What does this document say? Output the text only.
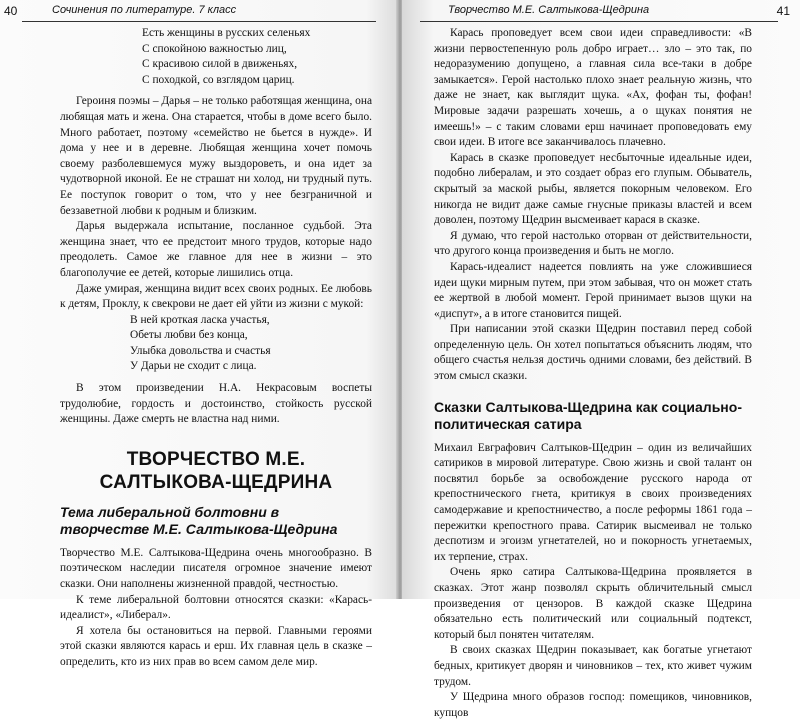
40	Сочинения по литературе. 7 класс
Есть женщины в русских селеньях
С спокойною важностью лиц,
С красивою силой в движеньях,
С походкой, со взглядом цариц.

Героиня поэмы – Дарья – не только работящая женщина, она любящая мать и жена. Она старается, чтобы в доме всего было. Много работает, поэтому «семейство не бьется в нужде». И дома у нее и в деревне. Любящая женщина хочет помочь своему разболевшемуся мужу выздороветь, и она идет за чудотворной иконой. Ее не страшат ни холод, ни трудный путь. Ее поступок говорит о том, что у нее безграничной и беззаветной любви к родным и близким.

Дарья выдержала испытание, посланное судьбой. Эта женщина знает, что ее предстоит много трудов, которые надо преодолеть. Самое же главное для нее в жизни – это благополучие ее детей, которые лишились отца.

Даже умирая, женщина видит всех своих родных. Ее любовь к детям, Проклу, к свекрови не дает ей уйти из жизни с мукой:

В ней кроткая ласка участья,
Обеты любви без конца,
Улыбка довольства и счастья
У Дарьи не сходит с лица.

В этом произведении Н.А. Некрасовым воспеты трудолюбие, гордость и достоинство, стойкость русской женщины. Даже смерть не властна над ними.

ТВОРЧЕСТВО М.Е. САЛТЫКОВА-ЩЕДРИНА
Тема либеральной болтовни в творчестве М.Е. Салтыкова-Щедрина

Творчество М.Е. Салтыкова-Щедрина очень многообразно. В поэтическом наследии писателя огромное значение имеют сказки. Они наполнены жизненной правдой, честностью.

К теме либеральной болтовни относятся сказки: «Карась-идеалист», «Либерал».

Я хотела бы остановиться на первой. Главными героями этой сказки являются карась и ерш. Их главная цель в сказке – определить, кто из них прав во всем самом деле мир.

Творчество М.Е. Салтыкова-Щедрина	41

Карась проповедует всем свои идеи справедливости: «В жизни первостепенную роль добро играет… зло – это так, по недоразумению допущено, а главная сила все-таки в добре замыкается». Герой настолько плохо знает реальную жизнь, что даже не знает, как выглядит щука. «Ах, фофан ты, фофан! Мировые задачи разрешать хочешь, а о щуках понятия не имеешь!» – с таким словами ерш начинает проповедовать ему свои идеи. В итоге все заканчивалось плачевно.

Карась в сказке проповедует несбыточные идеальные идеи, подобно либералам, и это создает образ его глупым. Обыватель, скрытый за маской рыбы, является покорным человеком. Его никогда не видит даже самые гнусные приказы властей и всем доволен, поэтому Щедрин высмеивает карася в сказке.

Я думаю, что герой настолько оторван от действительности, что другого конца произведения и быть не могло.

Карась-идеалист надеется повлиять на уже сложившиеся идеи щуки мирным путем, при этом забывая, что он может стать ее жертвой в любой момент. Герой принимает вызов щуки на «диспут», а в итоге становится пищей.

При написании этой сказки Щедрин поставил перед собой определенную цель. Он хотел попытаться объяснить людям, что общего счастья нельзя достичь одними словами, без действий. В этом смысл сказки.

Сказки Салтыкова-Щедрина как социально-политическая сатира

Михаил Евграфович Салтыков-Щедрин – один из величайших сатириков в мировой литературе. Свою жизнь и свой талант он посвятил борьбе за освобождение русского народа от крепостнического гнета, критикуя в своих произведениях самодержавие и крепостничество, а после реформы 1861 года – пережитки крепостного права. Сатирик высмеивал не только деспотизм и эгоизм угнетателей, но и покорность угнетаемых, их терпение, страх.

Очень ярко сатира Салтыкова-Щедрина проявляется в сказках. Этот жанр позволял скрыть обличительный смысл произведения от цензоров. В каждой сказке Щедрина обязательно есть политический или социальный подтекст, который был понятен читателям.

В своих сказках Щедрин показывает, как богатые угнетают бедных, критикует дворян и чиновников – тех, кто живет чужим трудом.

У Щедрина много образов господ: помещиков, чиновников, купцов
